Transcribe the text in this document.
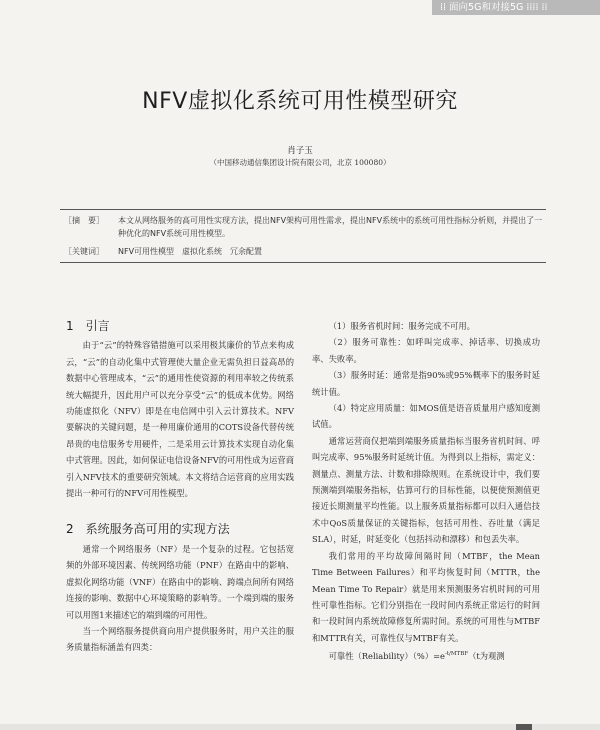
⁞⁞ 面向5G和对接5G ⁞⁞⁞⁞ ⁞⁞
NFV虚拟化系统可用性模型研究
肖子玉
（中国移动通信集团设计院有限公司，北京 100080）
［摘　要］	本文从网络服务的高可用性实现方法，提出NFV架构可用性需求，提出NFV系统中的系统可用性指标分析则，并提出了一种优化的NFV系统可用性模型。
［关键词］	NFV可用性模型　虚拟化系统　冗余配置
1　引言

由于“云”的特殊容错措施可以采用极其廉价的节点来构成云，“云”的自动化集中式管理使大量企业无需负担日益高昂的数据中心管理成本，“云”的通用性使资源的利用率较之传统系统大幅提升，因此用户可以充分享受“云”的低成本优势。网络功能虚拟化（NFV）即是在电信网中引入云计算技术。NFV要解决的关键问题，是一种用廉价通用的COTS设备代替传统昂贵的电信服务专用硬件，二是采用云计算技术实现自动化集中式管理。因此，如何保证电信设备NFV的可用性成为运营商引入NFV技术的重要研究领域。本文将结合运营商的应用实践提出一种可行的NFV可用性模型。

2　系统服务高可用的实现方法

通常一个网络服务（NF）是一个复杂的过程。它包括宽频的外部环境因素、传统网络功能（PNF）在路由中的影响、虚拟化网络功能（VNF）在路由中的影响、跨端点间所有网络连接的影响、数据中心环境策略的影响等。一个端到端的服务可以用图1来描述它的端到端的可用性。

当一个网络服务提供商向用户提供服务时，用户关注的服务质量指标涵盖有四类：

（1）服务省机时间：服务完成不可用。

（2）服务可靠性：如呼叫完成率、掉话率、切换成功率、失败率。

（3）服务时延：通常是指90%或95%概率下的服务时延统计值。

（4）特定应用质量：如MOS值是语音质量用户感知度测试值。

通常运营商仅把端到端服务质量指标当服务省机时间、呼叫完成率、95%服务时延统计值。为得到以上指标，需定义：测量点、测量方法、计数和排除规则。在系统设计中，我们要预测端到端服务指标，估算可行的目标性能，以便使预测值更接近长期测量平均性能。以上服务质量指标都可以归入通信技术中QoS质量保证的关键指标，包括可用性、吞吐量（满足SLA），时延，时延变化（包括抖动和漂移）和包丢失率。

我们常用的平均故障间隔时间（MTBF，the Mean Time Between Failures）和平均恢复时间（MTTR，the Mean Time To Repair）就是用来预测服务宕机时间的可用性可靠性指标。它们分别指在一段时间内系统正常运行的时间和一段时间内系统故障修复所需时间。系统的可用性与MTBF和MTTR有关，可靠性仅与MTBF有关。

可靠性$(Reliability)(\%)=e^{-t/MTBF}(t$为观测
